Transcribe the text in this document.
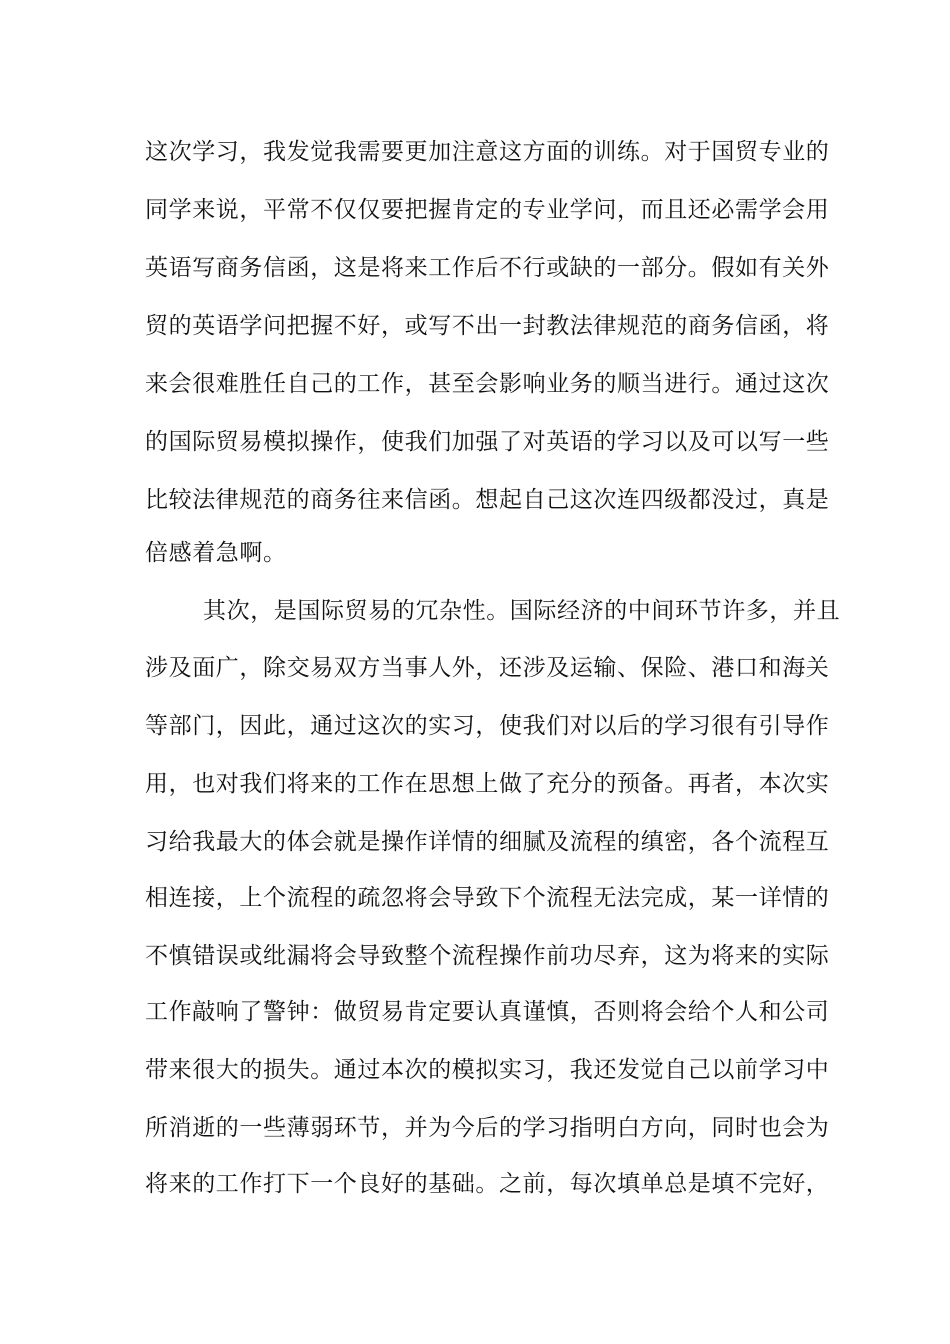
这次学习，我发觉我需要更加注意这方面的训练。对于国贸专业的
同学来说，平常不仅仅要把握肯定的专业学问，而且还必需学会用
英语写商务信函，这是将来工作后不行或缺的一部分。假如有关外
贸的英语学问把握不好，或写不出一封教法律规范的商务信函，将
来会很难胜任自己的工作，甚至会影响业务的顺当进行。通过这次
的国际贸易模拟操作，使我们加强了对英语的学习以及可以写一些
比较法律规范的商务往来信函。想起自己这次连四级都没过，真是
倍感着急啊。
其次，是国际贸易的冗杂性。国际经济的中间环节许多，并且
涉及面广，除交易双方当事人外，还涉及运输、保险、港口和海关
等部门，因此，通过这次的实习，使我们对以后的学习很有引导作
用，也对我们将来的工作在思想上做了充分的预备。再者，本次实
习给我最大的体会就是操作详情的细腻及流程的缜密，各个流程互
相连接，上个流程的疏忽将会导致下个流程无法完成，某一详情的
不慎错误或纰漏将会导致整个流程操作前功尽弃，这为将来的实际
工作敲响了警钟：做贸易肯定要认真谨慎，否则将会给个人和公司
带来很大的损失。通过本次的模拟实习，我还发觉自己以前学习中
所消逝的一些薄弱环节，并为今后的学习指明白方向，同时也会为
将来的工作打下一个良好的基础。之前，每次填单总是填不完好，
